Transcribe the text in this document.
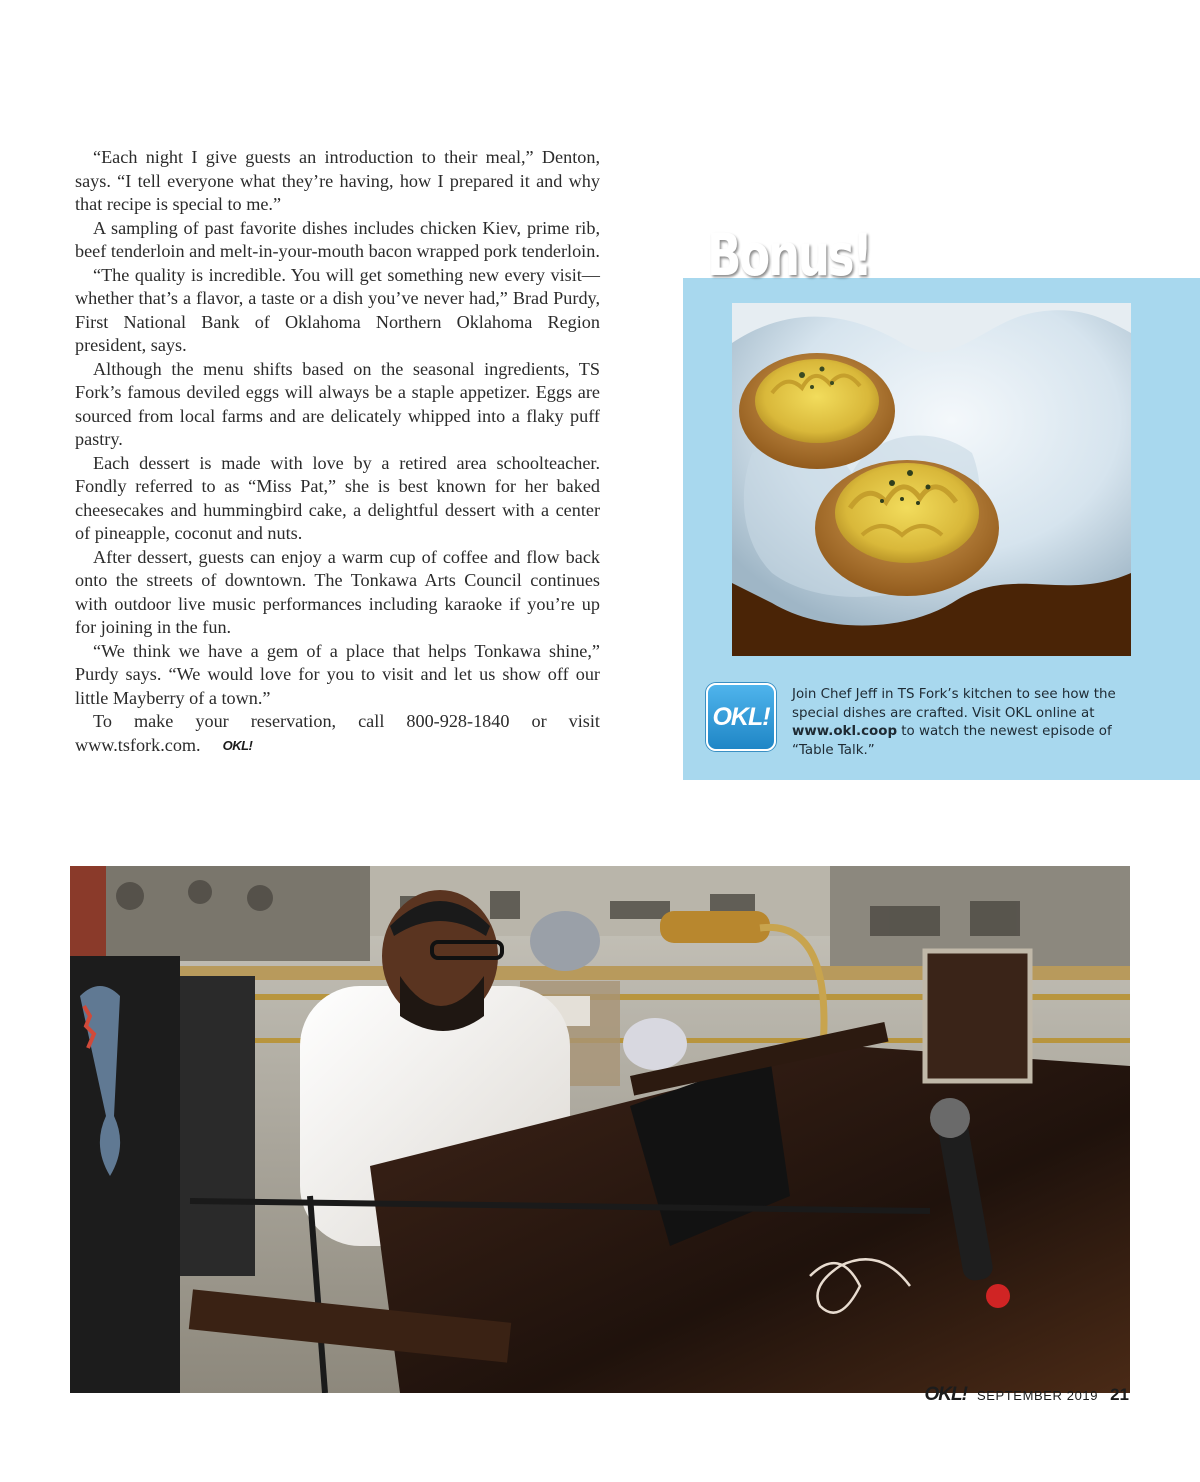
“Each night I give guests an introduction to their meal,” Denton, says. “I tell everyone what they’re having, how I prepared it and why that recipe is special to me.”

A sampling of past favorite dishes includes chicken Kiev, prime rib, beef tenderloin and melt-in-your-mouth bacon wrapped pork tenderloin.

“The quality is incredible. You will get something new every visit—whether that’s a flavor, a taste or a dish you’ve never had,” Brad Purdy, First National Bank of Oklahoma Northern Oklahoma Region president, says.

Although the menu shifts based on the seasonal ingredients, TS Fork’s famous deviled eggs will always be a staple appetizer. Eggs are sourced from local farms and are delicately whipped into a flaky puff pastry.

Each dessert is made with love by a retired area schoolteacher. Fondly referred to as “Miss Pat,” she is best known for her baked cheesecakes and hummingbird cake, a delightful dessert with a center of pineapple, coconut and nuts.

After dessert, guests can enjoy a warm cup of coffee and flow back onto the streets of downtown. The Tonkawa Arts Council continues with outdoor live music performances including karaoke if you’re up for joining in the fun.

“We think we have a gem of a place that helps Tonkawa shine,” Purdy says. “We would love for you to visit and let us show off our little Mayberry of a town.”

To make your reservation, call 800-928-1840 or visit www.tsfork.com. OKL!

Bonus!
OKL!
Join Chef Jeff in TS Fork’s kitchen to see how the special dishes are crafted. Visit OKL online at www.okl.coop to watch the newest episode of “Table Talk.”
OKL! SEPTEMBER 2019 21
